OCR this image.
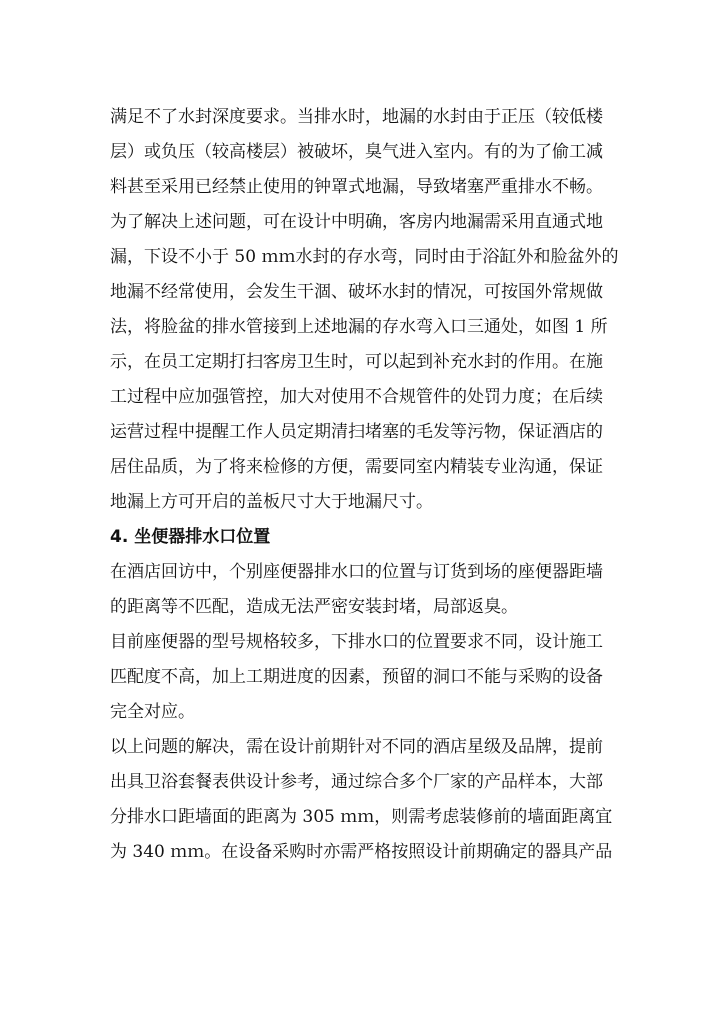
满足不了水封深度要求。当排水时，地漏的水封由于正压（较低楼
层）或负压（较高楼层）被破坏，臭气进入室内。有的为了偷工减
料甚至采用已经禁止使用的钟罩式地漏，导致堵塞严重排水不畅。
为了解决上述问题，可在设计中明确，客房内地漏需采用直通式地
漏，下设不小于 50 ｍｍ水封的存水弯，同时由于浴缸外和脸盆外的
地漏不经常使用，会发生干涸、破坏水封的情况，可按国外常规做
法，将脸盆的排水管接到上述地漏的存水弯入口三通处，如图 1 所
示，在员工定期打扫客房卫生时，可以起到补充水封的作用。在施
工过程中应加强管控，加大对使用不合规管件的处罚力度；在后续
运营过程中提醒工作人员定期清扫堵塞的毛发等污物，保证酒店的
居住品质，为了将来检修的方便，需要同室内精装专业沟通，保证
地漏上方可开启的盖板尺寸大于地漏尺寸。
4. 坐便器排水口位置
在酒店回访中，个别座便器排水口的位置与订货到场的座便器距墙
的距离等不匹配，造成无法严密安装封堵，局部返臭。
目前座便器的型号规格较多，下排水口的位置要求不同，设计施工
匹配度不高，加上工期进度的因素，预留的洞口不能与采购的设备
完全对应。
以上问题的解决，需在设计前期针对不同的酒店星级及品牌，提前
出具卫浴套餐表供设计参考，通过综合多个厂家的产品样本，大部
分排水口距墙面的距离为 305 ｍｍ，则需考虑装修前的墙面距离宜
为 340 ｍｍ。在设备采购时亦需严格按照设计前期确定的器具产品
